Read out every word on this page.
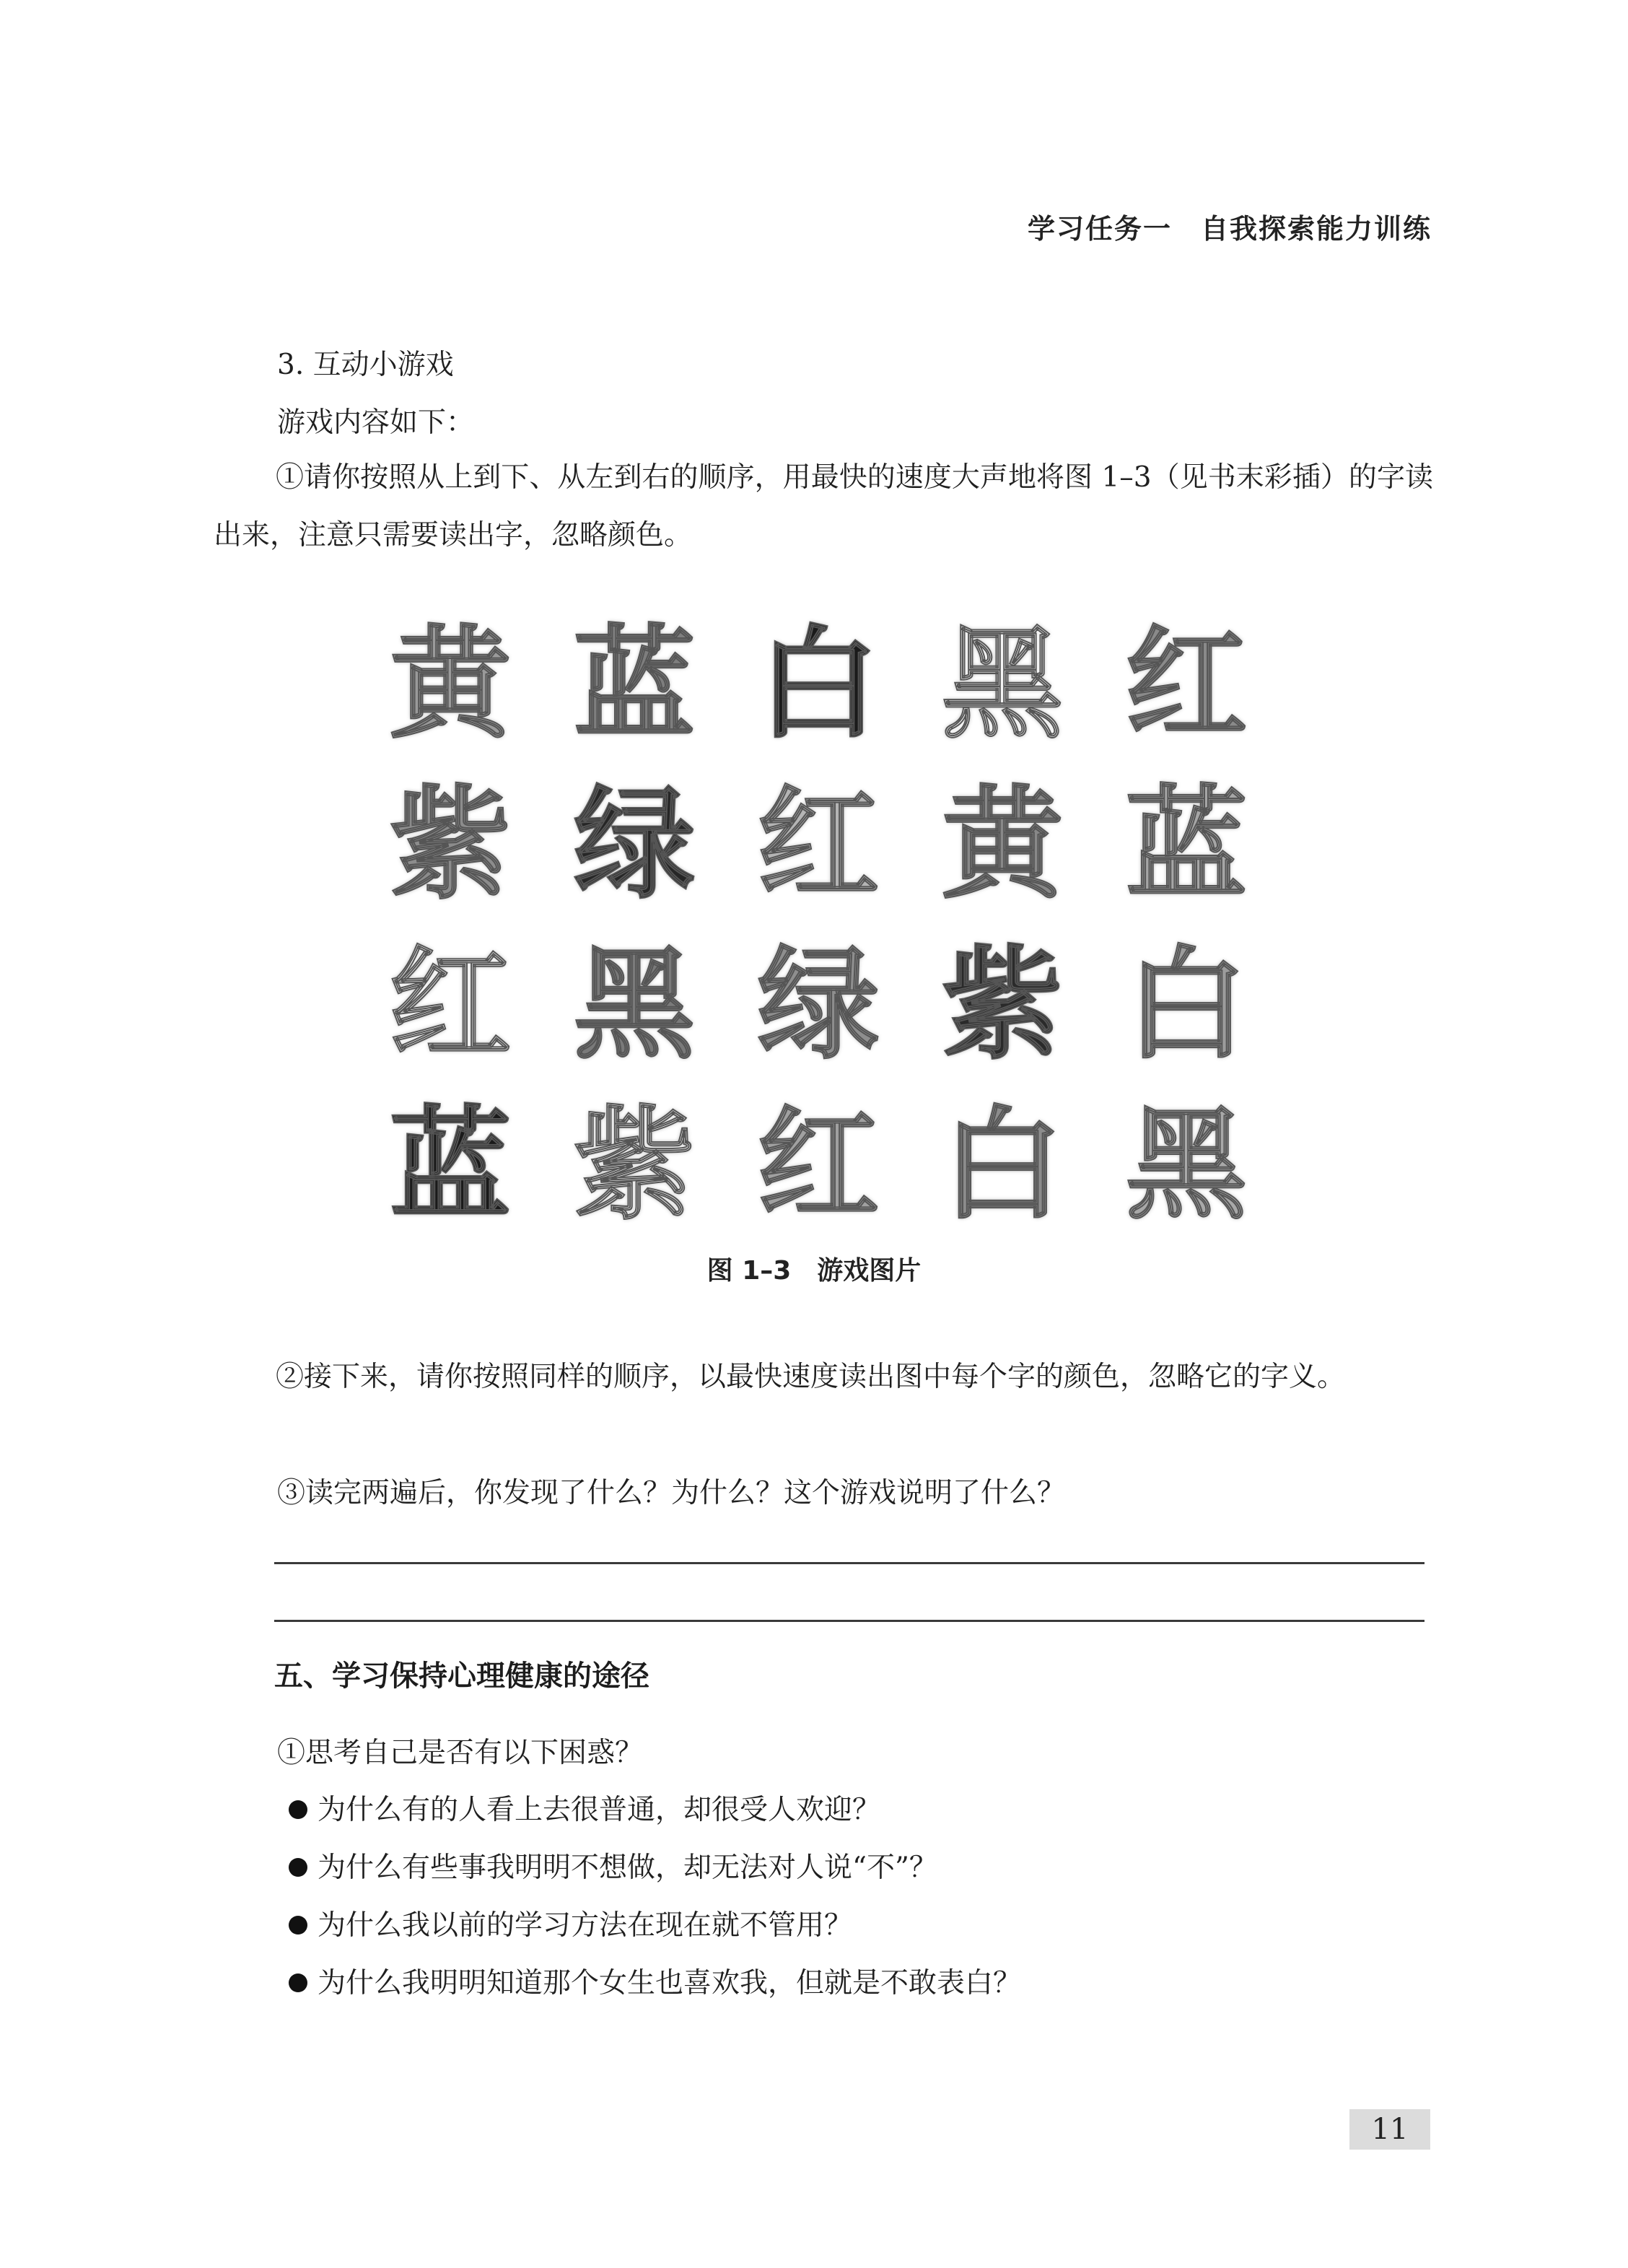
学习任务一　自我探索能力训练
3. 互动小游戏
游戏内容如下：
①请你按照从上到下、从左到右的顺序，用最快的速度大声地将图 1–3（见书末彩插）的字读出来，注意只需要读出字，忽略颜色。
黄 蓝 白 黑 红
紫 绿 红 黄 蓝
红 黑 绿 紫 白
蓝 紫 红 白 黑
图 1–3　游戏图片
②接下来，请你按照同样的顺序，以最快速度读出图中每个字的颜色，忽略它的字义。
③读完两遍后，你发现了什么？为什么？这个游戏说明了什么？
五、学习保持心理健康的途径
①思考自己是否有以下困惑？
为什么有的人看上去很普通，却很受人欢迎？
为什么有些事我明明不想做，却无法对人说“不”？
为什么我以前的学习方法在现在就不管用？
为什么我明明知道那个女生也喜欢我，但就是不敢表白？
11
